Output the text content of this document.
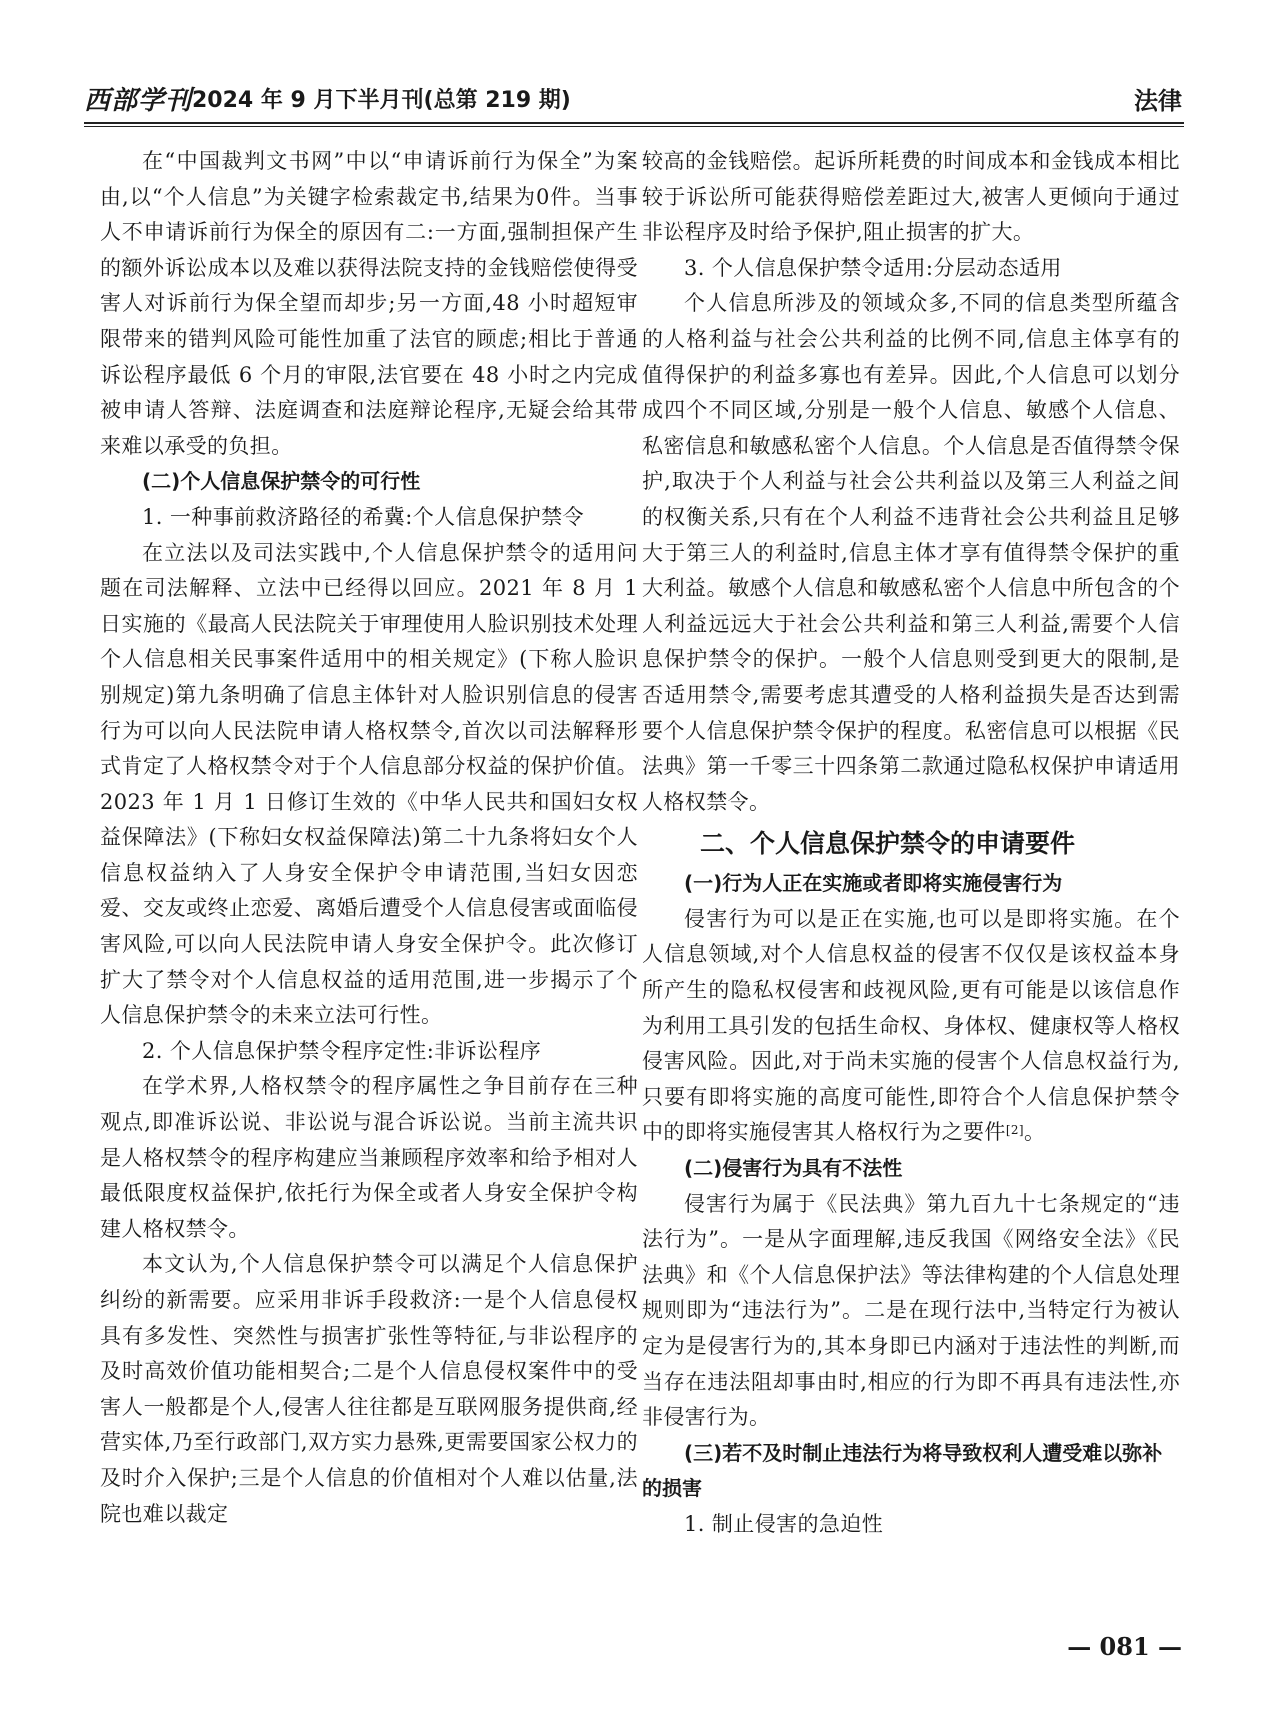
西部学刊 2024 年 9 月下半月刊(总第 219 期)	法律

在“中国裁判文书网”中以“申请诉前行为保全”为案由,以“个人信息”为关键字检索裁定书,结果为0件。当事人不申请诉前行为保全的原因有二:一方面,强制担保产生的额外诉讼成本以及难以获得法院支持的金钱赔偿使得受害人对诉前行为保全望而却步;另一方面,48 小时超短审限带来的错判风险可能性加重了法官的顾虑;相比于普通诉讼程序最低 6 个月的审限,法官要在 48 小时之内完成被申请人答辩、法庭调查和法庭辩论程序,无疑会给其带来难以承受的负担。

(二)个人信息保护禁令的可行性

1. 一种事前救济路径的希冀:个人信息保护禁令

在立法以及司法实践中,个人信息保护禁令的适用问题在司法解释、立法中已经得以回应。2021 年 8 月 1 日实施的《最高人民法院关于审理使用人脸识别技术处理个人信息相关民事案件适用中的相关规定》(下称人脸识别规定)第九条明确了信息主体针对人脸识别信息的侵害行为可以向人民法院申请人格权禁令,首次以司法解释形式肯定了人格权禁令对于个人信息部分权益的保护价值。2023 年 1 月 1 日修订生效的《中华人民共和国妇女权益保障法》(下称妇女权益保障法)第二十九条将妇女个人信息权益纳入了人身安全保护令申请范围,当妇女因恋爱、交友或终止恋爱、离婚后遭受个人信息侵害或面临侵害风险,可以向人民法院申请人身安全保护令。此次修订扩大了禁令对个人信息权益的适用范围,进一步揭示了个人信息保护禁令的未来立法可行性。

2. 个人信息保护禁令程序定性:非诉讼程序

在学术界,人格权禁令的程序属性之争目前存在三种观点,即准诉讼说、非讼说与混合诉讼说。当前主流共识是人格权禁令的程序构建应当兼顾程序效率和给予相对人最低限度权益保护,依托行为保全或者人身安全保护令构建人格权禁令。

本文认为,个人信息保护禁令可以满足个人信息保护纠纷的新需要。应采用非诉手段救济:一是个人信息侵权具有多发性、突然性与损害扩张性等特征,与非讼程序的及时高效价值功能相契合;二是个人信息侵权案件中的受害人一般都是个人,侵害人往往都是互联网服务提供商,经营实体,乃至行政部门,双方实力悬殊,更需要国家公权力的及时介入保护;三是个人信息的价值相对个人难以估量,法院也难以裁定

较高的金钱赔偿。起诉所耗费的时间成本和金钱成本相比较于诉讼所可能获得赔偿差距过大,被害人更倾向于通过非讼程序及时给予保护,阻止损害的扩大。

3. 个人信息保护禁令适用:分层动态适用

个人信息所涉及的领域众多,不同的信息类型所蕴含的人格利益与社会公共利益的比例不同,信息主体享有的值得保护的利益多寡也有差异。因此,个人信息可以划分成四个不同区域,分别是一般个人信息、敏感个人信息、私密信息和敏感私密个人信息。个人信息是否值得禁令保护,取决于个人利益与社会公共利益以及第三人利益之间的权衡关系,只有在个人利益不违背社会公共利益且足够大于第三人的利益时,信息主体才享有值得禁令保护的重大利益。敏感个人信息和敏感私密个人信息中所包含的个人利益远远大于社会公共利益和第三人利益,需要个人信息保护禁令的保护。一般个人信息则受到更大的限制,是否适用禁令,需要考虑其遭受的人格利益损失是否达到需要个人信息保护禁令保护的程度。私密信息可以根据《民法典》第一千零三十四条第二款通过隐私权保护申请适用人格权禁令。

二、个人信息保护禁令的申请要件

(一)行为人正在实施或者即将实施侵害行为

侵害行为可以是正在实施,也可以是即将实施。在个人信息领域,对个人信息权益的侵害不仅仅是该权益本身所产生的隐私权侵害和歧视风险,更有可能是以该信息作为利用工具引发的包括生命权、身体权、健康权等人格权侵害风险。因此,对于尚未实施的侵害个人信息权益行为,只要有即将实施的高度可能性,即符合个人信息保护禁令中的即将实施侵害其人格权行为之要件[2]。

(二)侵害行为具有不法性

侵害行为属于《民法典》第九百九十七条规定的“违法行为”。一是从字面理解,违反我国《网络安全法》《民法典》和《个人信息保护法》等法律构建的个人信息处理规则即为“违法行为”。二是在现行法中,当特定行为被认定为是侵害行为的,其本身即已内涵对于违法性的判断,而当存在违法阻却事由时,相应的行为即不再具有违法性,亦非侵害行为。

(三)若不及时制止违法行为将导致权利人遭受难以弥补的损害

1. 制止侵害的急迫性

— 081 —
